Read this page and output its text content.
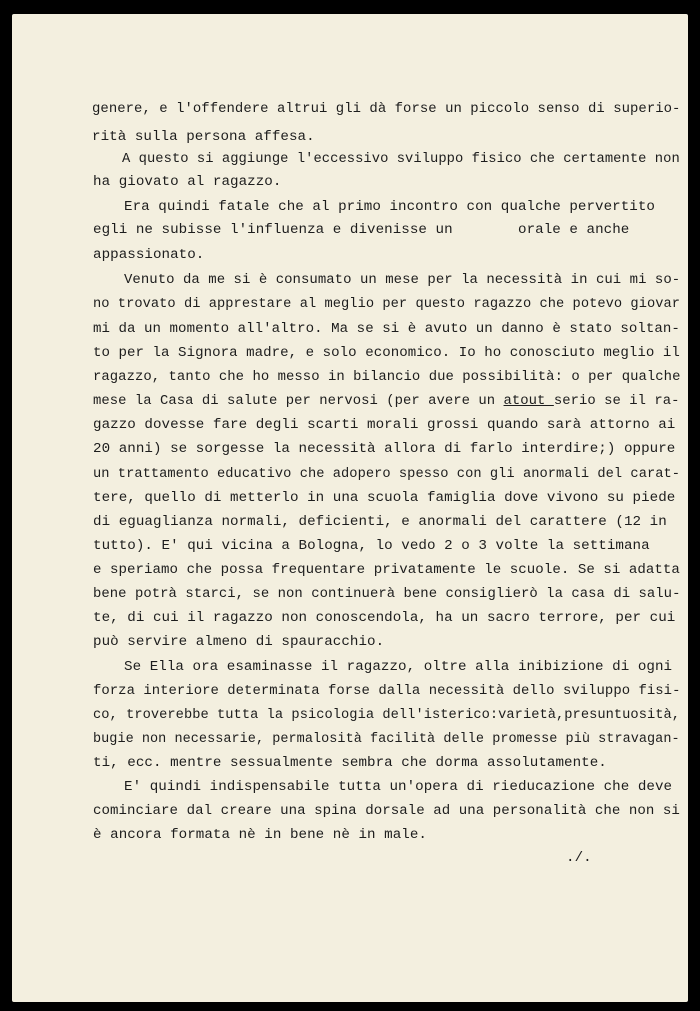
genere, e l'offendere altrui gli dà forse un piccolo senso di superio-
rità sulla persona affesa.
A questo si aggiunge l'eccessivo sviluppo fisico che certamente non
ha giovato al ragazzo.
Era quindi fatale che al primo incontro con qualche pervertito
egli ne subisse l'influenza e divenisse un	orale e anche
appassionato.
Venuto da me si è consumato un mese per la necessità in cui mi so-
no trovato di apprestare al meglio per questo ragazzo che potevo giovar
mi da un momento all'altro. Ma se si è avuto un danno è stato soltan-
to per la Signora madre, e solo economico. Io ho conosciuto meglio il
ragazzo, tanto che ho messo in bilancio due possibilità: o per qualche
mese la Casa di salute per nervosi (per avere un atout serio se il ra-
gazzo dovesse fare degli scarti morali grossi quando sarà attorno ai
20 anni) se sorgesse la necessità allora di farlo interdire;) oppure
un trattamento educativo che adopero spesso con gli anormali del carat-
tere, quello di metterlo in una scuola famiglia dove vivono su piede
di eguaglianza normali, deficienti, e anormali del carattere (12 in
tutto). E' qui vicina a Bologna, lo vedo 2 o 3 volte la settimana
e speriamo che possa frequentare privatamente le scuole. Se si adatta
bene potrà starci, se non continuerà bene consiglierò la casa di salu-
te, di cui il ragazzo non conoscendola, ha un sacro terrore, per cui
può servire almeno di spauracchio.
Se Ella ora esaminasse il ragazzo, oltre alla inibizione di ogni
forza interiore determinata forse dalla necessità dello sviluppo fisi-
co, troverebbe tutta la psicologia dell'isterico:varietà,presuntuosità,
bugie non necessarie, permalosità facilità delle promesse più stravagan-
ti, ecc. mentre sessualmente sembra che dorma assolutamente.
E' quindi indispensabile tutta un'opera di rieducazione che deve
cominciare dal creare una spina dorsale ad una personalità che non si
è ancora formata nè in bene nè in male.
./.
